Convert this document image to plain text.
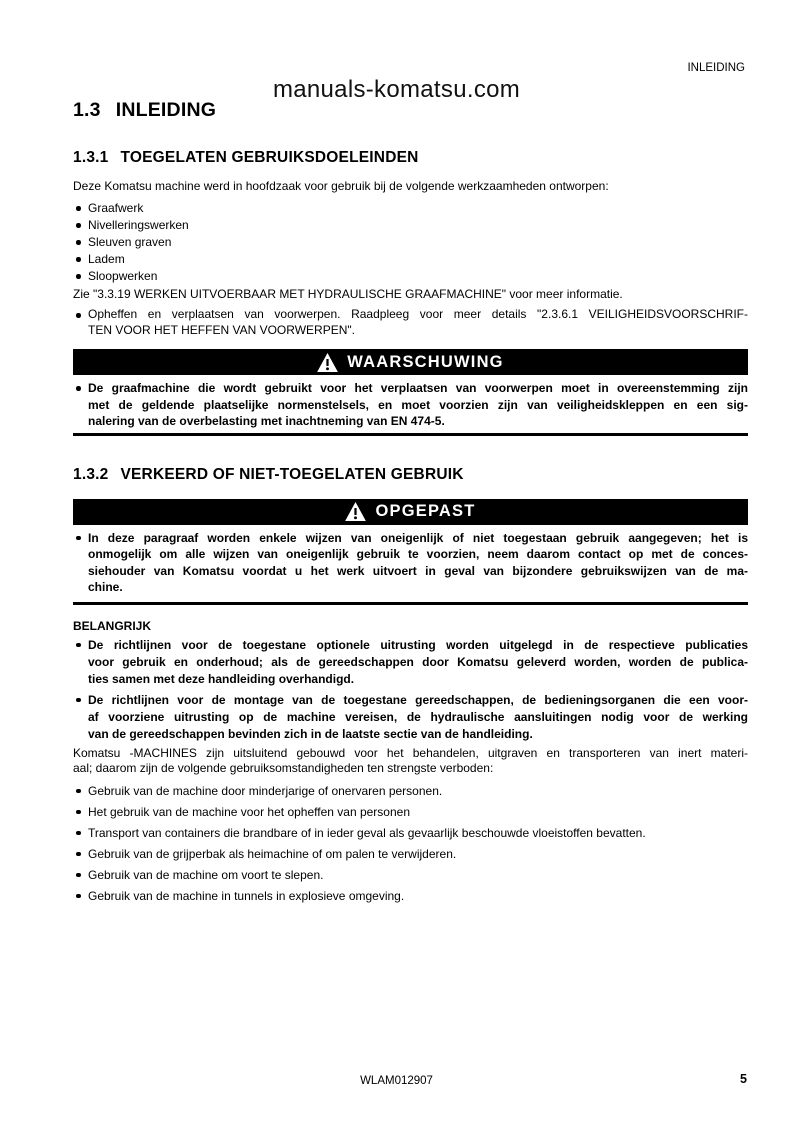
INLEIDING
manuals-komatsu.com
1.3 INLEIDING
1.3.1 TOEGELATEN GEBRUIKSDOELEINDEN
Deze Komatsu machine werd in hoofdzaak voor gebruik bij de volgende werkzaamheden ontworpen:
Graafwerk
Nivelleringswerken
Sleuven graven
Ladem
Sloopwerken
Zie "3.3.19 WERKEN UITVOERBAAR MET HYDRAULISCHE GRAAFMACHINE" voor meer informatie.
Opheffen en verplaatsen van voorwerpen. Raadpleeg voor meer details "2.3.6.1 VEILIGHEIDSVOORSCHRIF-
TEN VOOR HET HEFFEN VAN VOORWERPEN".
WAARSCHUWING
De graafmachine die wordt gebruikt voor het verplaatsen van voorwerpen moet in overeenstemming zijn
met de geldende plaatselijke normenstelsels, en moet voorzien zijn van veiligheidskleppen en een sig-
nalering van de overbelasting met inachtneming van EN 474-5.
1.3.2 VERKEERD OF NIET-TOEGELATEN GEBRUIK
OPGEPAST
In deze paragraaf worden enkele wijzen van oneigenlijk of niet toegestaan gebruik aangegeven; het is
onmogelijk om alle wijzen van oneigenlijk gebruik te voorzien, neem daarom contact op met de conces-
siehouder van Komatsu voordat u het werk uitvoert in geval van bijzondere gebruikswijzen van de ma-
chine.
BELANGRIJK
De richtlijnen voor de toegestane optionele uitrusting worden uitgelegd in de respectieve publicaties
voor gebruik en onderhoud; als de gereedschappen door Komatsu geleverd worden, worden de publica-
ties samen met deze handleiding overhandigd.
De richtlijnen voor de montage van de toegestane gereedschappen, de bedieningsorganen die een voor-
af voorziene uitrusting op de machine vereisen, de hydraulische aansluitingen nodig voor de werking
van de gereedschappen bevinden zich in de laatste sectie van de handleiding.
Komatsu -MACHINES zijn uitsluitend gebouwd voor het behandelen, uitgraven en transporteren van inert materi-
aal; daarom zijn de volgende gebruiksomstandigheden ten strengste verboden:
Gebruik van de machine door minderjarige of onervaren personen.
Het gebruik van de machine voor het opheffen van personen
Transport van containers die brandbare of in ieder geval als gevaarlijk beschouwde vloeistoffen bevatten.
Gebruik van de grijperbak als heimachine of om palen te verwijderen.
Gebruik van de machine om voort te slepen.
Gebruik van de machine in tunnels in explosieve omgeving.
WLAM012907	5
